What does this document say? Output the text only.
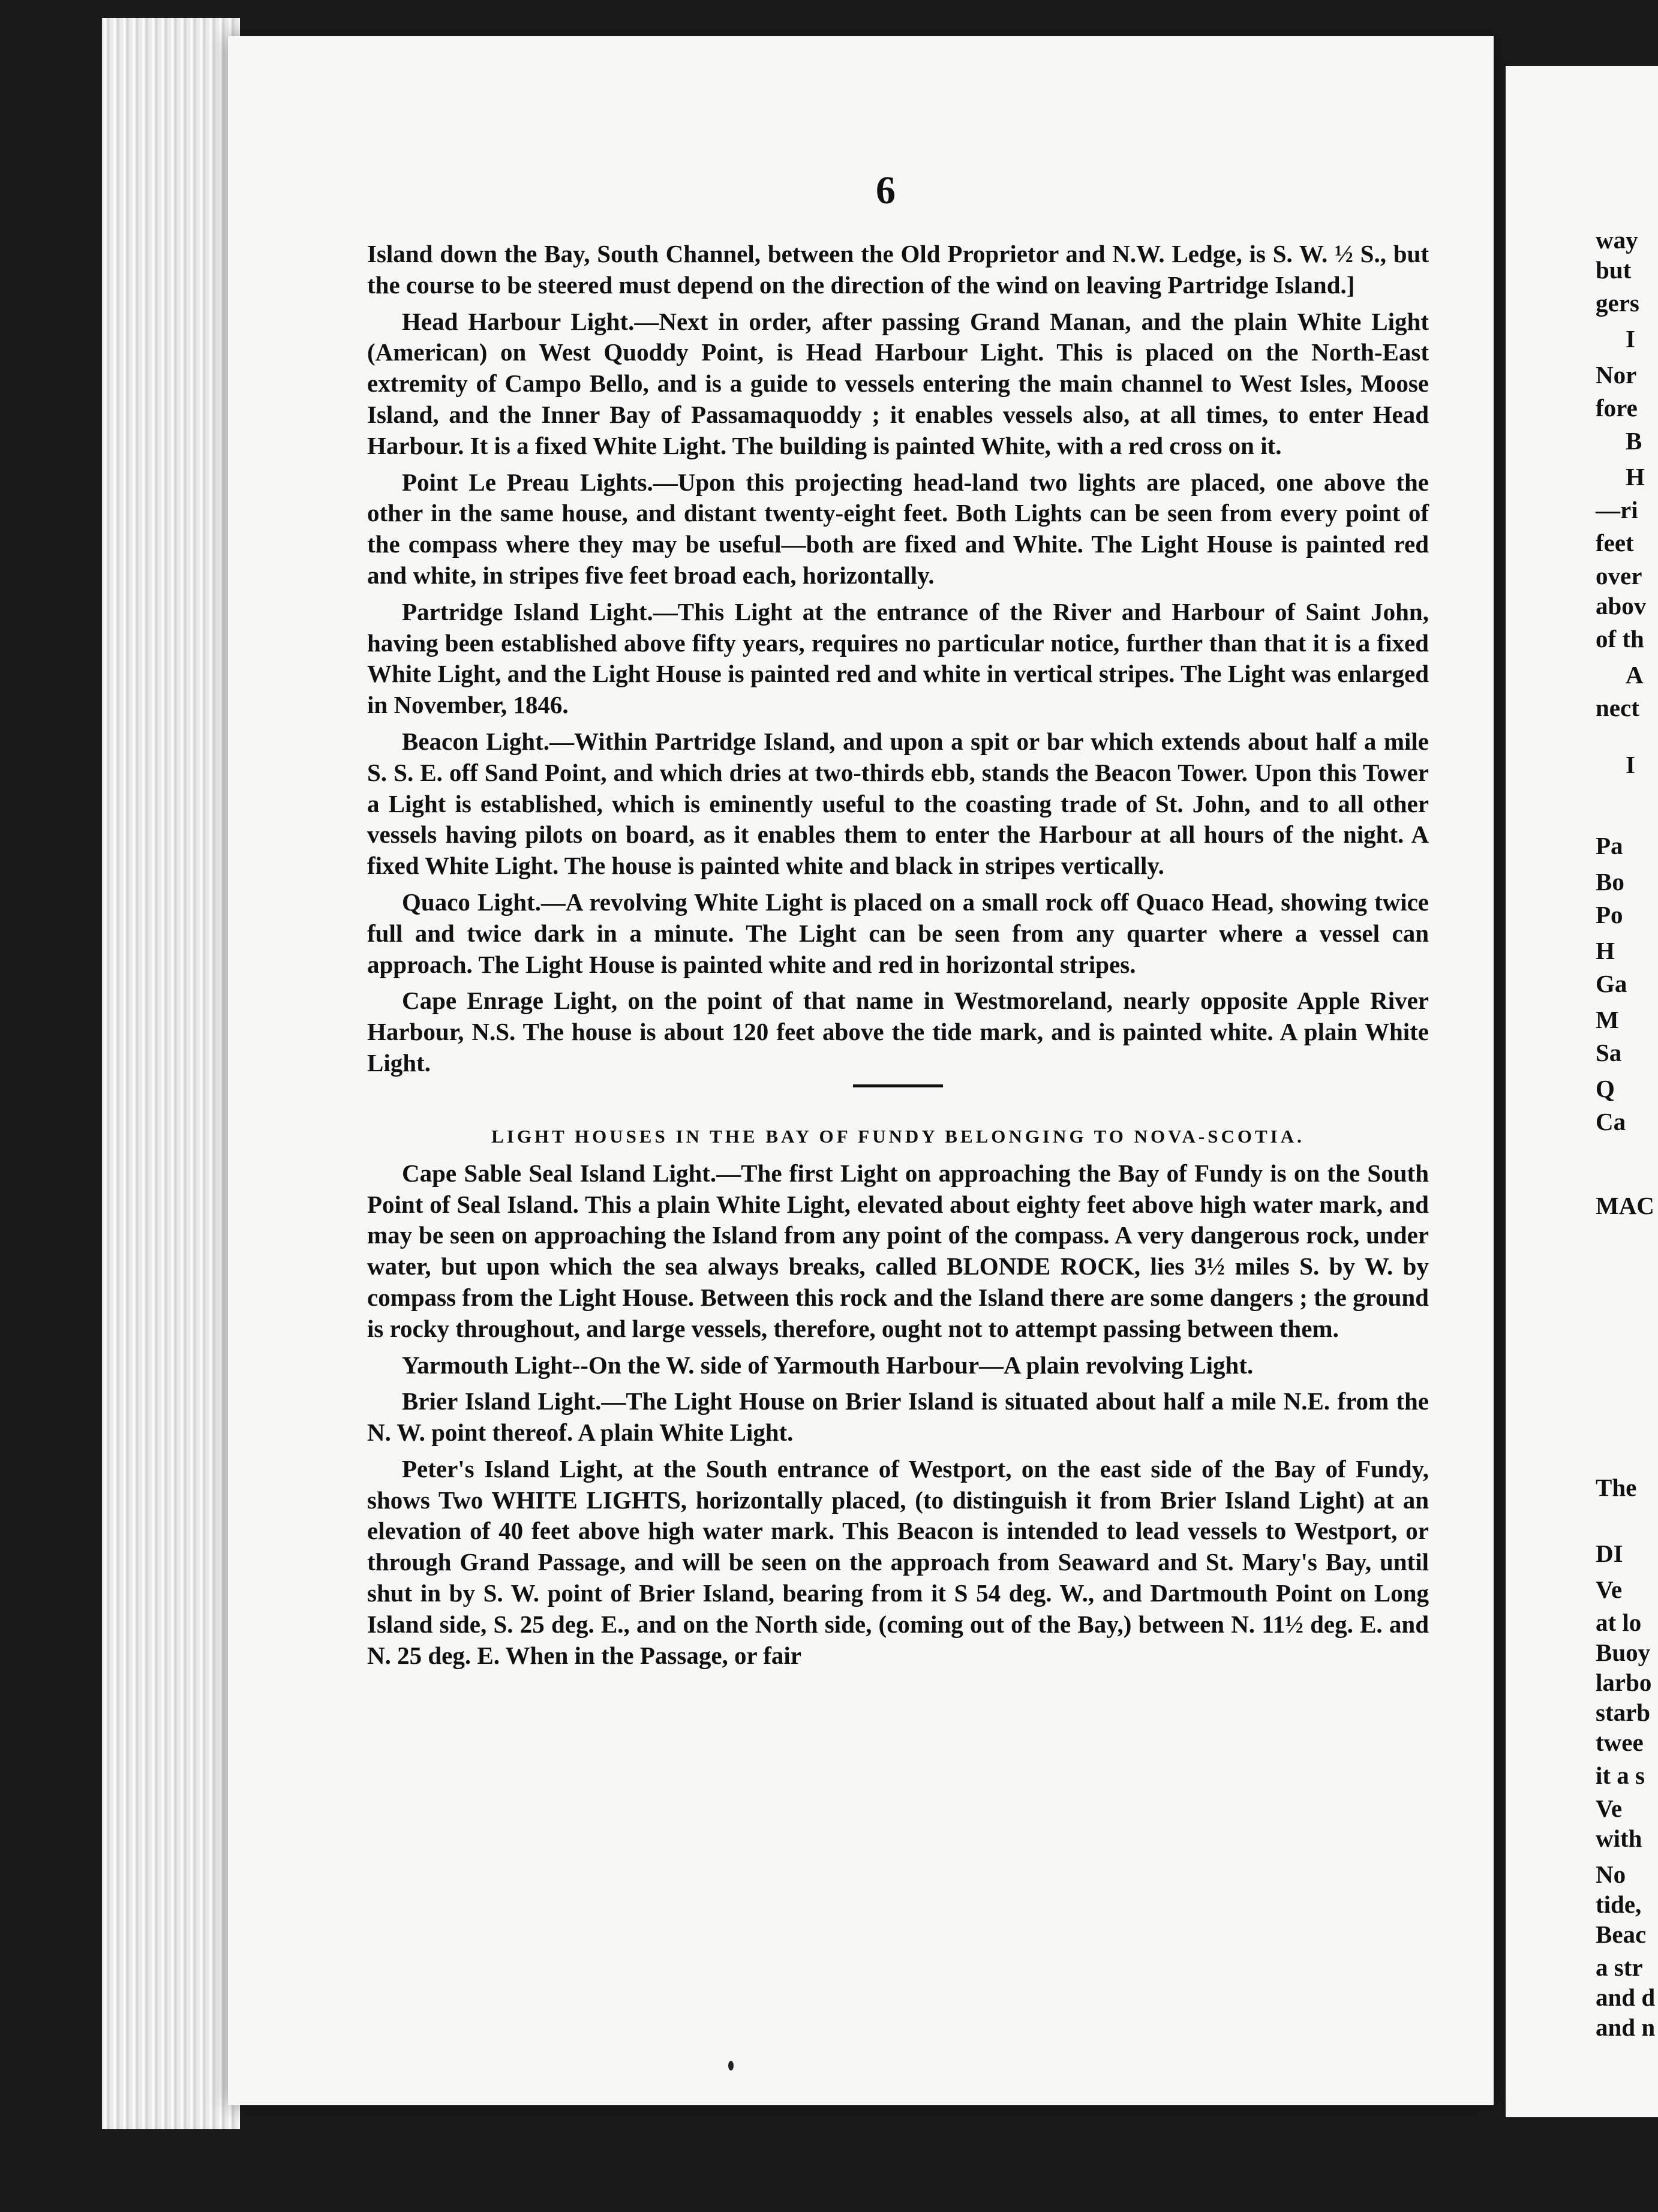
way
but
gers
I
Nor
fore
B
H
—ri
feet
over
abov
of th
A
nect
I
Pa
Bo
Po
H
Ga
M
Sa
Q
Ca
MAC
The
DI
Ve
at lo
Buoy
larbo
starb
twee
it a s
Ve
with
No
tide,
Beac
a str
and d
and n
6

Island down the Bay, South Channel, between the Old Proprietor and N.W. Ledge, is S. W. ½ S., but the course to be steered must depend on the direction of the wind on leaving Partridge Island.]

Head Harbour Light.—Next in order, after passing Grand Manan, and the plain White Light (American) on West Quoddy Point, is Head Harbour Light. This is placed on the North-East extremity of Campo Bello, and is a guide to vessels entering the main channel to West Isles, Moose Island, and the Inner Bay of Passamaquoddy ; it enables vessels also, at all times, to enter Head Harbour. It is a fixed White Light. The building is painted White, with a red cross on it.

Point Le Preau Lights.—Upon this projecting head-land two lights are placed, one above the other in the same house, and distant twenty-eight feet. Both Lights can be seen from every point of the compass where they may be useful—both are fixed and White. The Light House is painted red and white, in stripes five feet broad each, horizontally.

Partridge Island Light.—This Light at the entrance of the River and Harbour of Saint John, having been established above fifty years, requires no particular notice, further than that it is a fixed White Light, and the Light House is painted red and white in vertical stripes. The Light was enlarged in November, 1846.

Beacon Light.—Within Partridge Island, and upon a spit or bar which extends about half a mile S. S. E. off Sand Point, and which dries at two-thirds ebb, stands the Beacon Tower. Upon this Tower a Light is established, which is eminently useful to the coasting trade of St. John, and to all other vessels having pilots on board, as it enables them to enter the Harbour at all hours of the night. A fixed White Light. The house is painted white and black in stripes vertically.

Quaco Light.—A revolving White Light is placed on a small rock off Quaco Head, showing twice full and twice dark in a minute. The Light can be seen from any quarter where a vessel can approach. The Light House is painted white and red in horizontal stripes.

Cape Enrage Light, on the point of that name in Westmoreland, nearly opposite Apple River Harbour, N.S. The house is about 120 feet above the tide mark, and is painted white. A plain White Light.

LIGHT HOUSES IN THE BAY OF FUNDY BELONGING TO NOVA-SCOTIA.

Cape Sable Seal Island Light.—The first Light on approaching the Bay of Fundy is on the South Point of Seal Island. This a plain White Light, elevated about eighty feet above high water mark, and may be seen on approaching the Island from any point of the compass. A very dangerous rock, under water, but upon which the sea always breaks, called BLONDE ROCK, lies 3½ miles S. by W. by compass from the Light House. Between this rock and the Island there are some dangers ; the ground is rocky throughout, and large vessels, therefore, ought not to attempt passing between them.

Yarmouth Light--On the W. side of Yarmouth Harbour—A plain revolving Light.

Brier Island Light.—The Light House on Brier Island is situated about half a mile N.E. from the N. W. point thereof. A plain White Light.

Peter's Island Light, at the South entrance of Westport, on the east side of the Bay of Fundy, shows Two WHITE LIGHTS, horizontally placed, (to distinguish it from Brier Island Light) at an elevation of 40 feet above high water mark. This Beacon is intended to lead vessels to Westport, or through Grand Passage, and will be seen on the approach from Seaward and St. Mary's Bay, until shut in by S. W. point of Brier Island, bearing from it S 54 deg. W., and Dartmouth Point on Long Island side, S. 25 deg. E., and on the North side, (coming out of the Bay,) between N. 11½ deg. E. and N. 25 deg. E. When in the Passage, or fair
